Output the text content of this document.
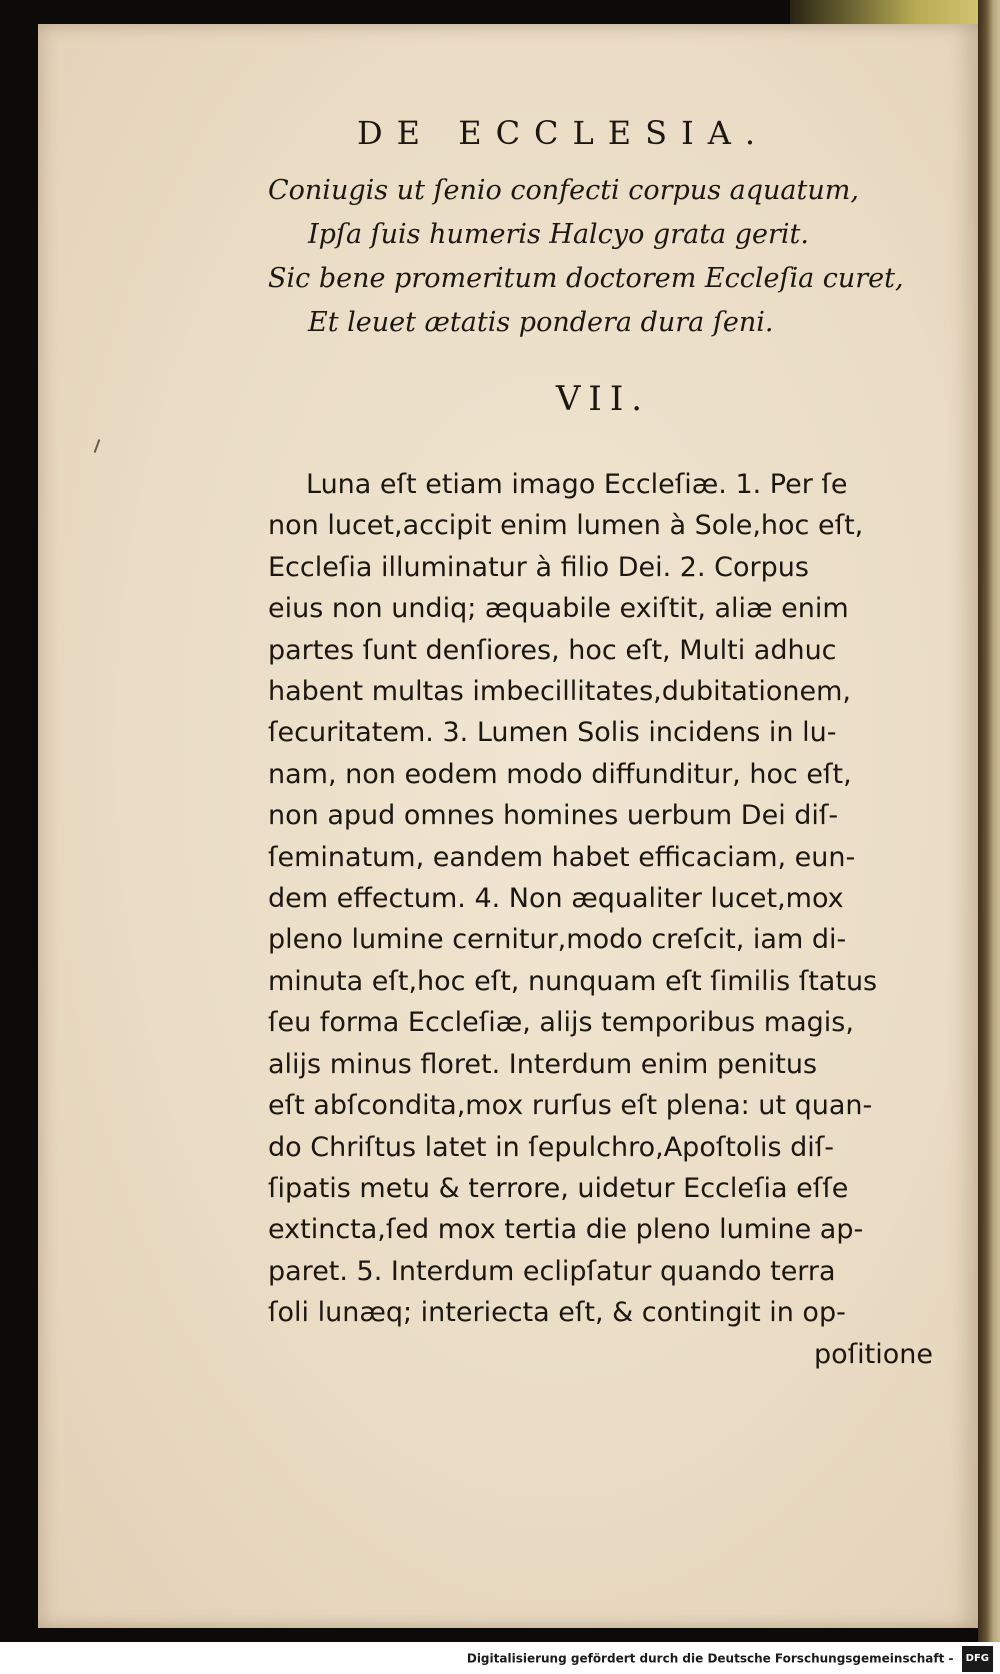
DE ECCLESIA.
Coniugis ut ſenio confecti corpus aquatum,
Ipſa ſuis humeris Halcyo grata gerit.
Sic bene promeritum doctorem Eccleſia curet,
Et leuet ætatis pondera dura ſeni.
VII.
Luna eſt etiam imago Eccleſiæ. 1. Per ſe
non lucet,accipit enim lumen à Sole,hoc eſt,
Eccleſia illuminatur à filio Dei. 2. Corpus
eius non undiq; æquabile exiſtit, aliæ enim
partes ſunt denſiores, hoc eſt, Multi adhuc
habent multas imbecillitates,dubitationem,
ſecuritatem. 3. Lumen Solis incidens in lu-
nam, non eodem modo diffunditur, hoc eſt,
non apud omnes homines uerbum Dei diſ-
ſeminatum, eandem habet efficaciam, eun-
dem effectum. 4. Non æqualiter lucet,mox
pleno lumine cernitur,modo creſcit, iam di-
minuta eſt,hoc eſt, nunquam eſt ſimilis ſtatus
ſeu forma Eccleſiæ, alijs temporibus magis,
alijs minus floret. Interdum enim penitus
eſt abſcondita,mox rurſus eſt plena: ut quan-
do Chriſtus latet in ſepulchro,Apoſtolis diſ-
ſipatis metu & terrore, uidetur Eccleſia eſſe
extincta,ſed mox tertia die pleno lumine ap-
paret. 5. Interdum eclipſatur quando terra
ſoli lunæq; interiecta eſt, & contingit in op-
poſitione
Digitalisierung gefördert durch die Deutsche Forschungsgemeinschaft - DFG
